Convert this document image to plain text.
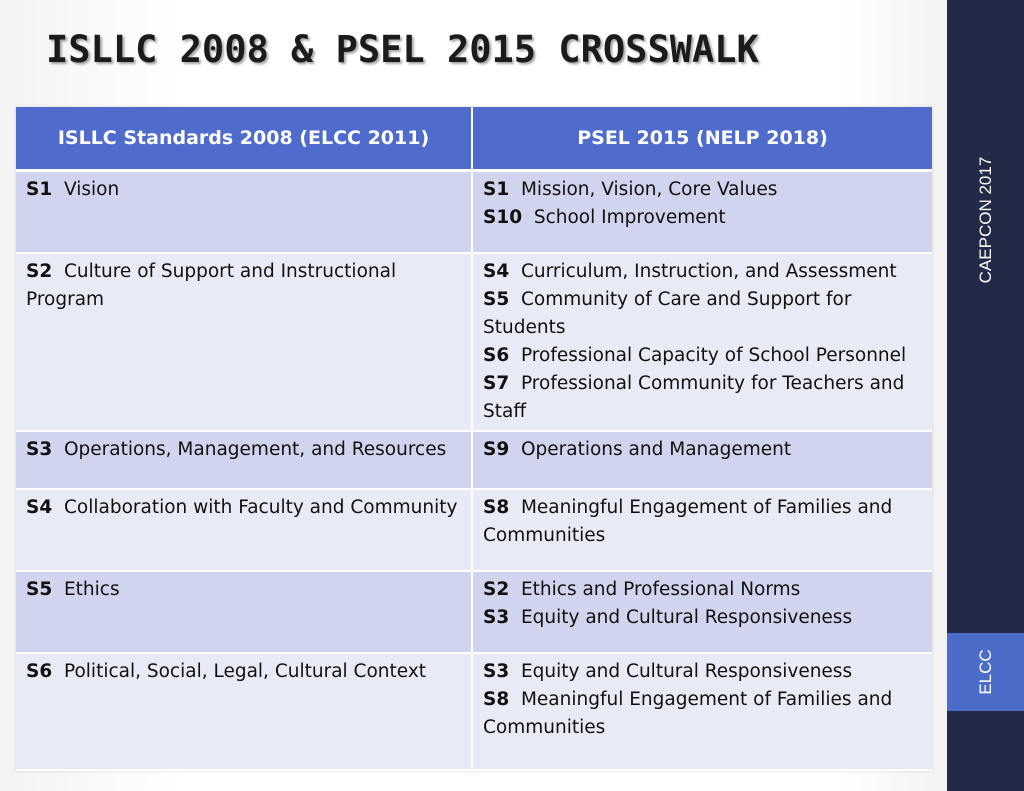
ISLLC 2008 & PSEL 2015 CROSSWALK
ISLLC Standards 2008 (ELCC 2011)	PSEL 2015 (NELP 2018)
S1 Vision	S1 Mission, Vision, Core Values
S10 School Improvement

S2 Culture of Support and Instructional Program	S4 Curriculum, Instruction, and Assessment
S5 Community of Care and Support for Students
S6 Professional Capacity of School Personnel
S7 Professional Community for Teachers and Staff

S3 Operations, Management, and Resources	S9 Operations and Management

S4 Collaboration with Faculty and Community	S8 Meaningful Engagement of Families and Communities

S5 Ethics	S2 Ethics and Professional Norms
S3 Equity and Cultural Responsiveness

S6 Political, Social, Legal, Cultural Context	S3 Equity and Cultural Responsiveness
S8 Meaningful Engagement of Families and Communities
CAEPCON 2017
ELCC
